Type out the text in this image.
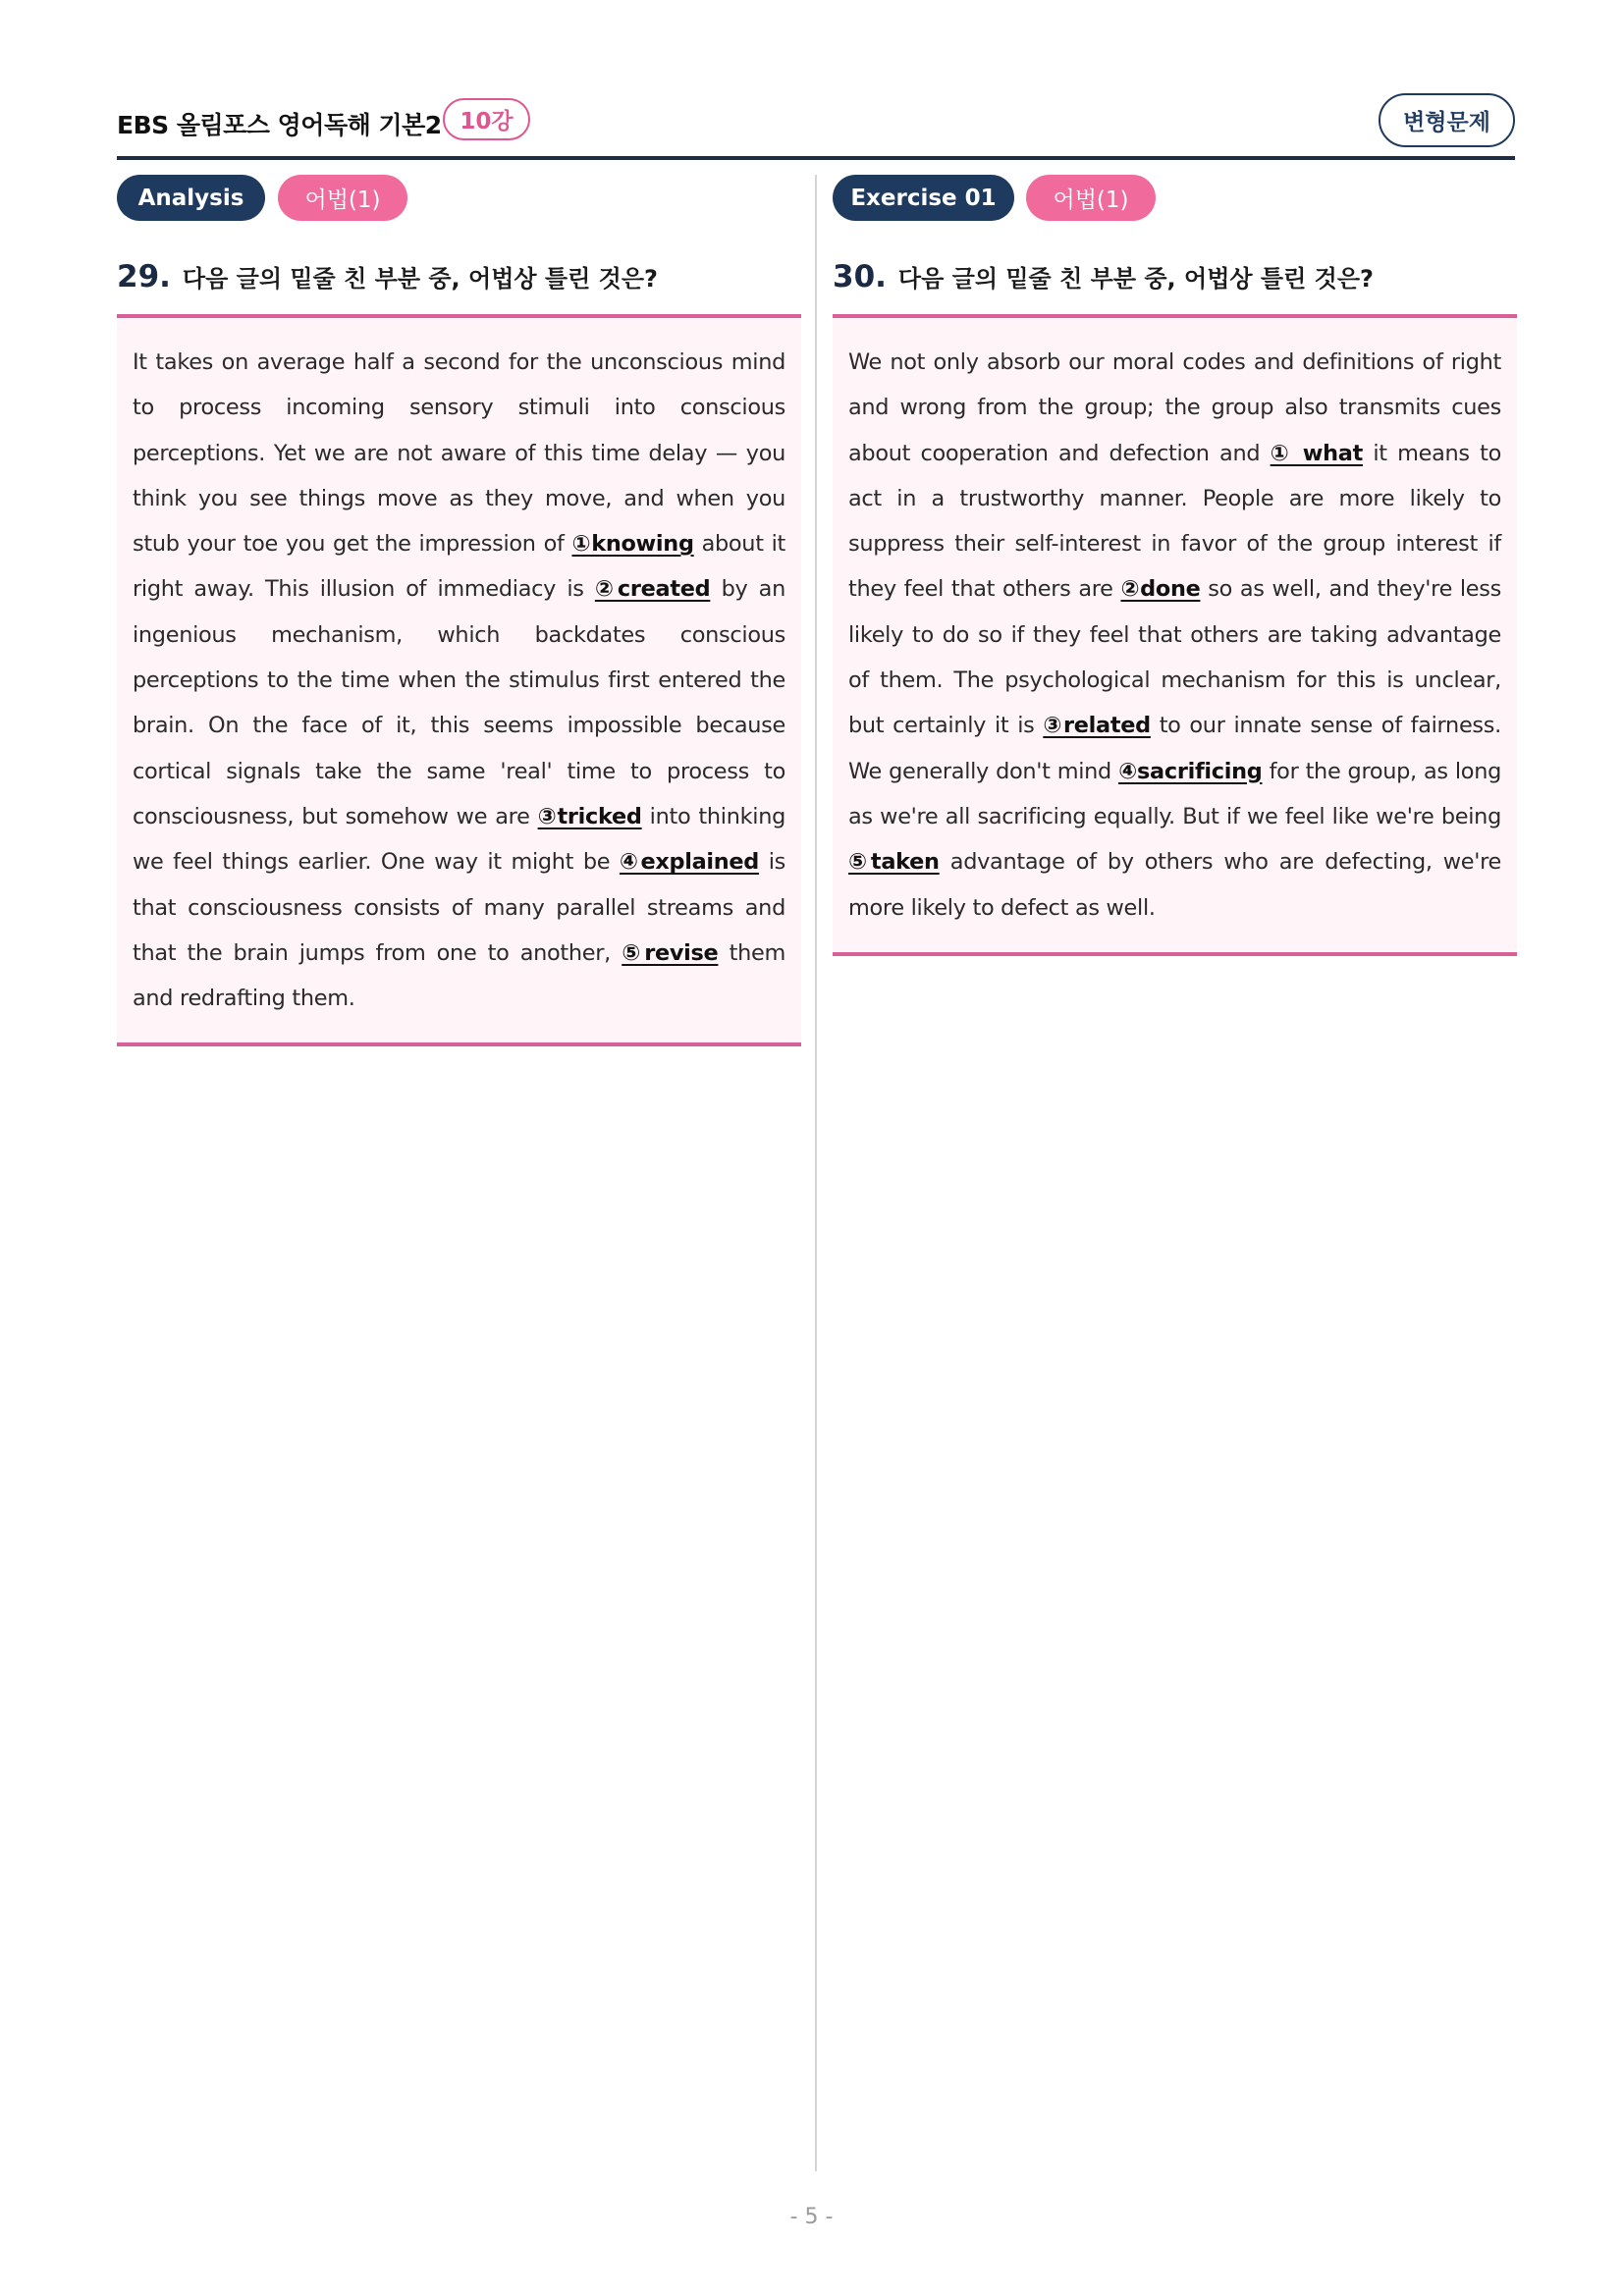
EBS 올림포스 영어독해 기본2 10강	변형문제
Analysis	어법(1)
29. 다음 글의 밑줄 친 부분 중, 어법상 틀린 것은?

It takes on average half a second for the unconscious mind to process incoming sensory stimuli into conscious perceptions. Yet we are not aware of this time delay — you think you see things move as they move, and when you stub your toe you get the impression of ①knowing about it right away. This illusion of immediacy is ②created by an ingenious mechanism, which backdates conscious perceptions to the time when the stimulus first entered the brain. On the face of it, this seems impossible because cortical signals take the same 'real' time to process to consciousness, but somehow we are ③tricked into thinking we feel things earlier. One way it might be ④explained is that consciousness consists of many parallel streams and that the brain jumps from one to another, ⑤revise them and redrafting them.

Exercise 01	어법(1)
30. 다음 글의 밑줄 친 부분 중, 어법상 틀린 것은?

We not only absorb our moral codes and definitions of right and wrong from the group; the group also transmits cues about cooperation and defection and ① what it means to act in a trustworthy manner. People are more likely to suppress their self-interest in favor of the group interest if they feel that others are ②done so as well, and they're less likely to do so if they feel that others are taking advantage of them. The psychological mechanism for this is unclear, but certainly it is ③related to our innate sense of fairness. We generally don't mind ④sacrificing for the group, as long as we're all sacrificing equally. But if we feel like we're being ⑤taken advantage of by others who are defecting, we're more likely to defect as well.

- 5 -
